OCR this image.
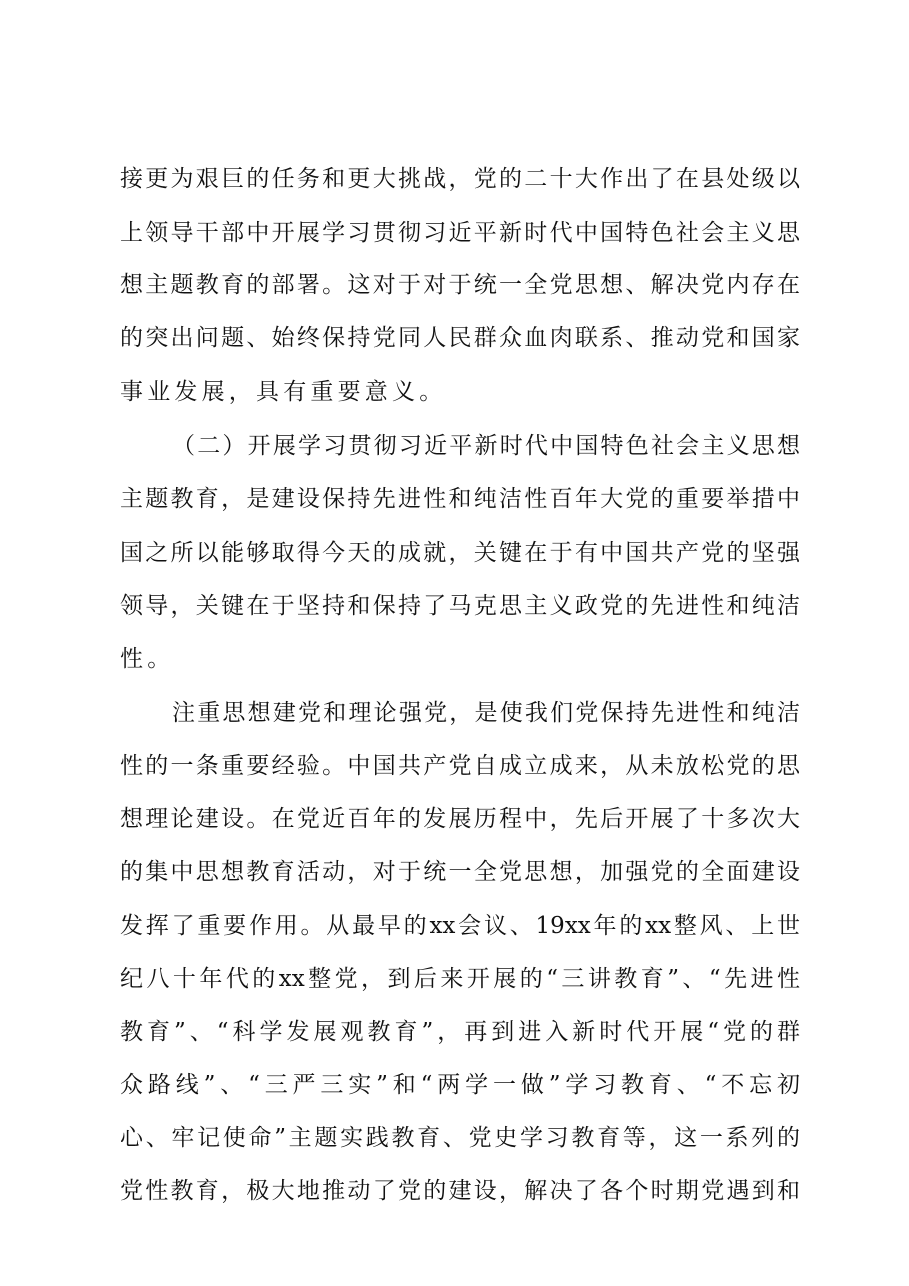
接更为艰巨的任务和更大挑战，党的二十大作出了在县处级以
上领导干部中开展学习贯彻习近平新时代中国特色社会主义思
想主题教育的部署。这对于对于统一全党思想、解决党内存在
的突出问题、始终保持党同人民群众血肉联系、推动党和国家
事业发展，具有重要意义。
（二）开展学习贯彻习近平新时代中国特色社会主义思想
主题教育，是建设保持先进性和纯洁性百年大党的重要举措中
国之所以能够取得今天的成就，关键在于有中国共产党的坚强
领导，关键在于坚持和保持了马克思主义政党的先进性和纯洁
性。
注重思想建党和理论强党，是使我们党保持先进性和纯洁
性的一条重要经验。中国共产党自成立成来，从未放松党的思
想理论建设。在党近百年的发展历程中，先后开展了十多次大
的集中思想教育活动，对于统一全党思想，加强党的全面建设
发挥了重要作用。从最早的xx会议、19xx年的xx整风、上世
纪八十年代的xx整党，到后来开展的“三讲教育”、“先进性
教育”、“科学发展观教育”，再到进入新时代开展“党的群
众路线”、“三严三实”和“两学一做”学习教育、“不忘初
心、牢记使命”主题实践教育、党史学习教育等，这一系列的
党性教育，极大地推动了党的建设，解决了各个时期党遇到和
